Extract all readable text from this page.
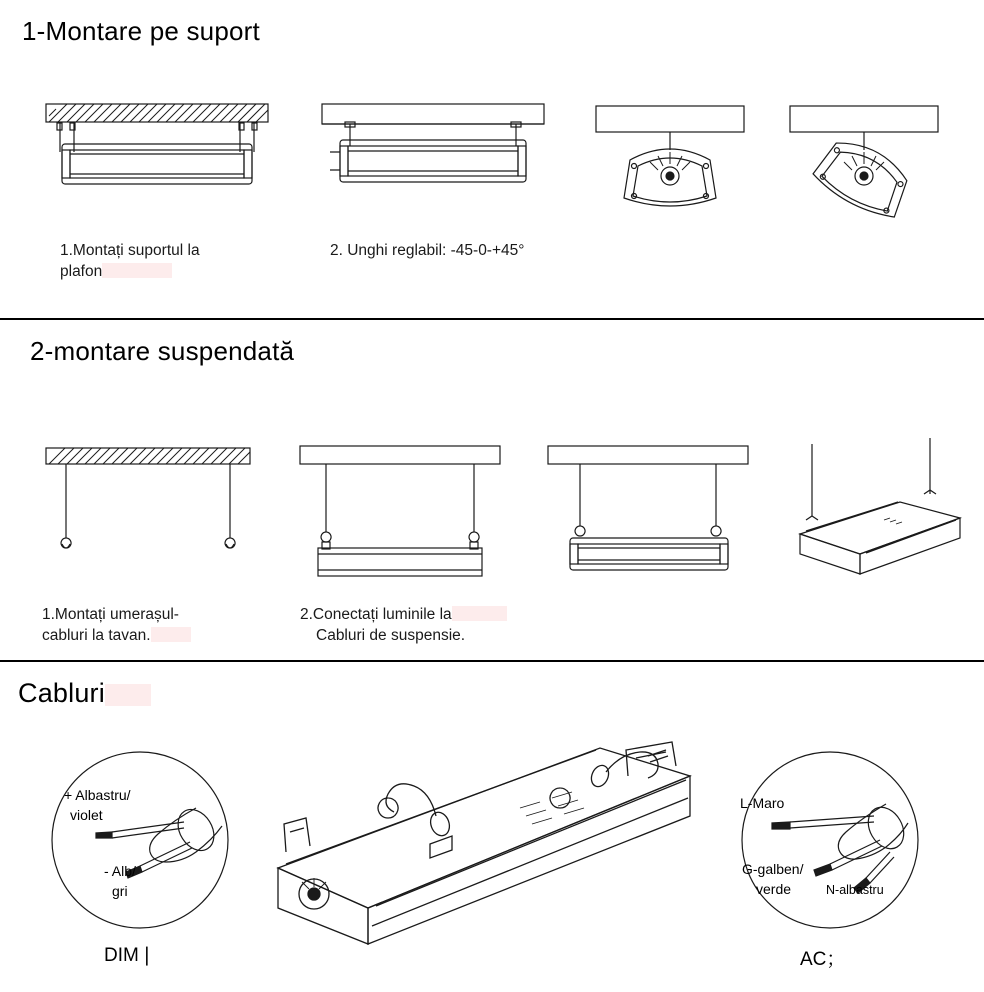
1-Montare pe suport
1.Montați suportul la
plafon
2. Unghi reglabil: -45-0-+45°
2-montare suspendată
1.Montați umerașul-
cabluri la tavan.
2.Conectați luminile la
Cabluri de suspensie.
Cabluri
+ Albastru/
violet
- Alb/
gri
L-Maro
G-galben/
verde	N-albastru
DIM❘	AC；
